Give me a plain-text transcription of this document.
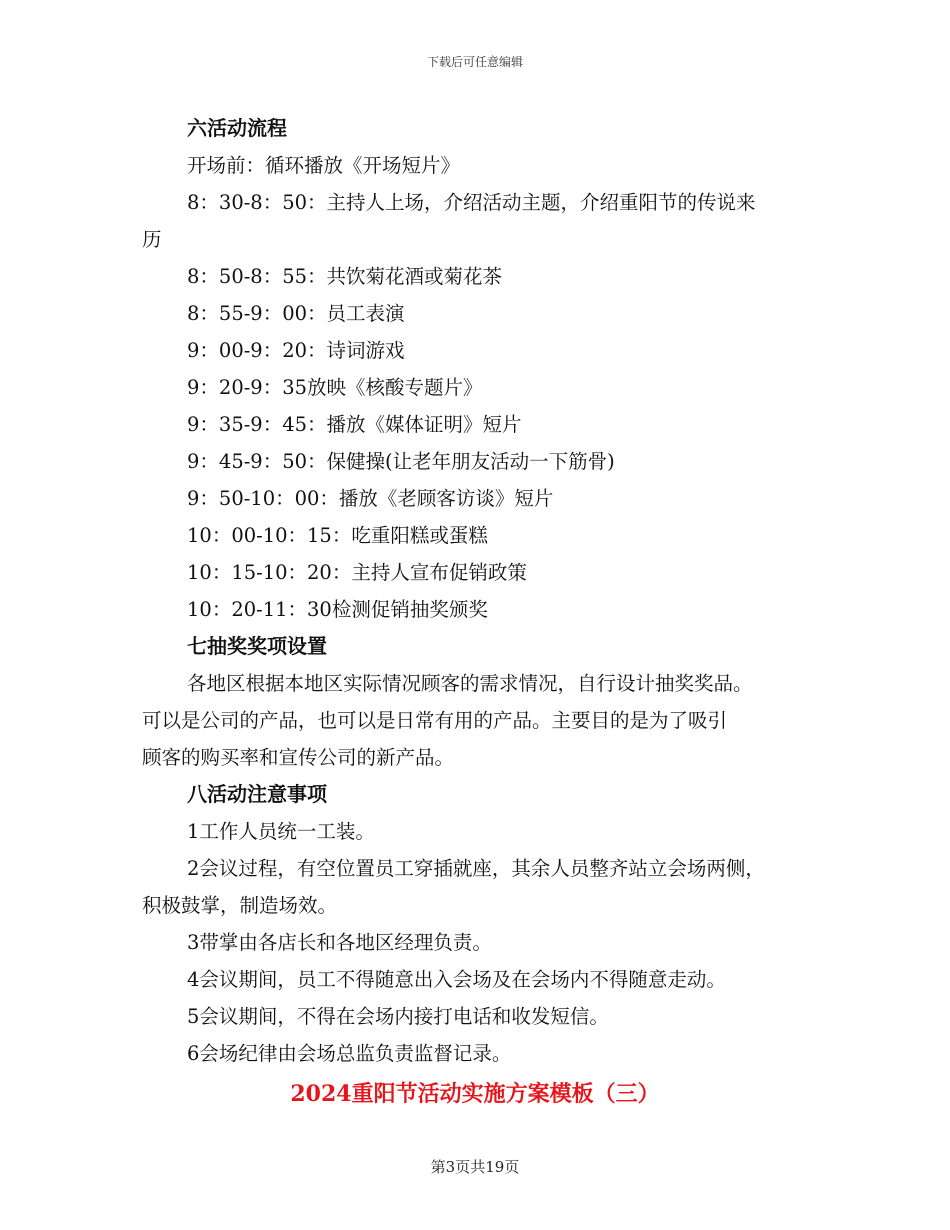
下载后可任意编辑

六活动流程

开场前：循环播放《开场短片》

8：30-8：50：主持人上场，介绍活动主题，介绍重阳节的传说来

历

8：50-8：55：共饮菊花酒或菊花茶

8：55-9：00：员工表演

9：00-9：20：诗词游戏

9：20-9：35放映《核酸专题片》

9：35-9：45：播放《媒体证明》短片

9：45-9：50：保健操(让老年朋友活动一下筋骨)

9：50-10：00：播放《老顾客访谈》短片

10：00-10：15：吃重阳糕或蛋糕

10：15-10：20：主持人宣布促销政策

10：20-11：30检测促销抽奖颁奖

七抽奖奖项设置

各地区根据本地区实际情况顾客的需求情况，自行设计抽奖奖品。

可以是公司的产品，也可以是日常有用的产品。主要目的是为了吸引

顾客的购买率和宣传公司的新产品。

八活动注意事项

1工作人员统一工装。

2会议过程，有空位置员工穿插就座，其余人员整齐站立会场两侧，

积极鼓掌，制造场效。

3带掌由各店长和各地区经理负责。

4会议期间，员工不得随意出入会场及在会场内不得随意走动。

5会议期间，不得在会场内接打电话和收发短信。

6会场纪律由会场总监负责监督记录。

2024重阳节活动实施方案模板（三）
第3页共19页
